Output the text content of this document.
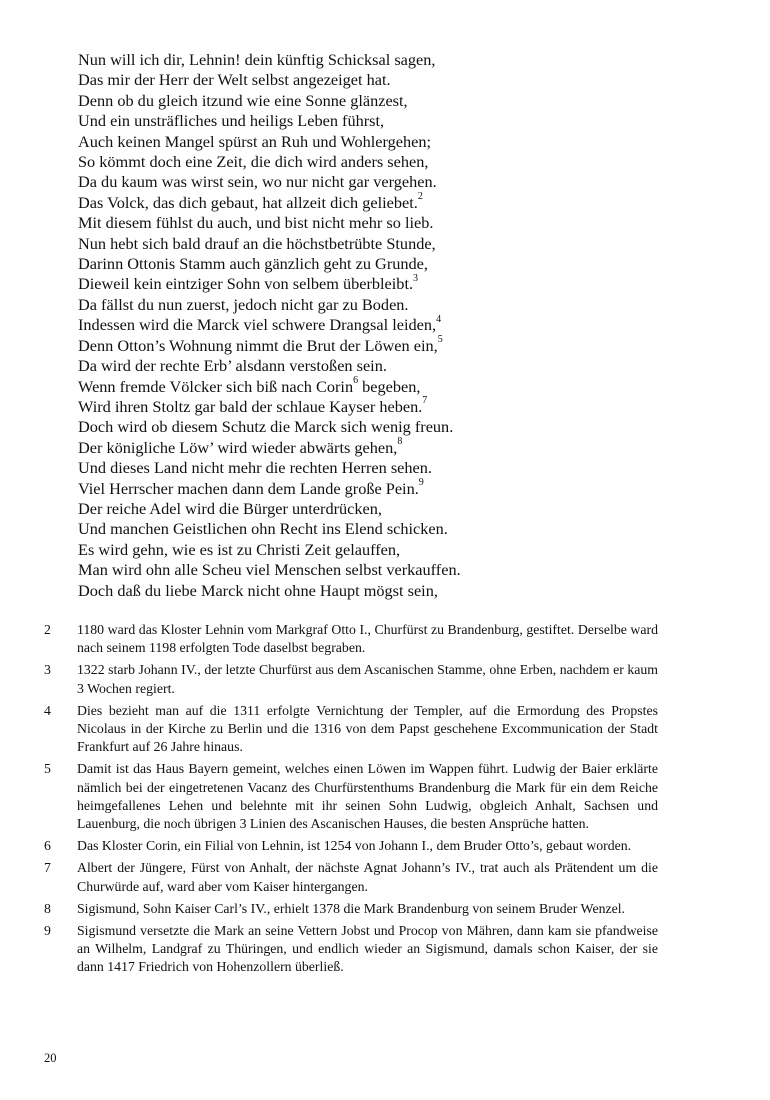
Nun will ich dir, Lehnin! dein künftig Schicksal sagen,
Das mir der Herr der Welt selbst angezeiget hat.
Denn ob du gleich itzund wie eine Sonne glänzest,
Und ein unsträfliches und heiligs Leben führst,
Auch keinen Mangel spürst an Ruh und Wohlergehen;
So kömmt doch eine Zeit, die dich wird anders sehen,
Da du kaum was wirst sein, wo nur nicht gar vergehen.
Das Volck, das dich gebaut, hat allzeit dich geliebet.$^2$
Mit diesem fühlst du auch, und bist nicht mehr so lieb.
Nun hebt sich bald drauf an die höchstbetrübte Stunde,
Darinn Ottonis Stamm auch gänzlich geht zu Grunde,
Dieweil kein eintziger Sohn von selbem überbleibt.$^3$
Da fällst du nun zuerst, jedoch nicht gar zu Boden.
Indessen wird die Marck viel schwere Drangsal leiden,$^4$
Denn Otton’s Wohnung nimmt die Brut der Löwen ein,$^5$
Da wird der rechte Erb’ alsdann verstoßen sein.
Wenn fremde Völcker sich biß nach Corin$^6$ begeben,
Wird ihren Stoltz gar bald der schlaue Kayser heben.$^7$
Doch wird ob diesem Schutz die Marck sich wenig freun.
Der königliche Löw’ wird wieder abwärts gehen,$^8$
Und dieses Land nicht mehr die rechten Herren sehen.
Viel Herrscher machen dann dem Lande große Pein.$^9$
Der reiche Adel wird die Bürger unterdrücken,
Und manchen Geistlichen ohn Recht ins Elend schicken.
Es wird gehn, wie es ist zu Christi Zeit gelauffen,
Man wird ohn alle Scheu viel Menschen selbst verkauffen.
Doch daß du liebe Marck nicht ohne Haupt mögst sein,
2	1180 ward das Kloster Lehnin vom Markgraf Otto I., Churfürst zu Brandenburg, gestiftet. Derselbe ward nach seinem 1198 erfolgten Tode daselbst begraben.
3	1322 starb Johann IV., der letzte Churfürst aus dem Ascanischen Stamme, ohne Erben, nachdem er kaum 3 Wochen regiert.
4	Dies bezieht man auf die 1311 erfolgte Vernichtung der Templer, auf die Ermordung des Propstes Nicolaus in der Kirche zu Berlin und die 1316 von dem Papst geschehene Excommunication der Stadt Frankfurt auf 26 Jahre hinaus.
5	Damit ist das Haus Bayern gemeint, welches einen Löwen im Wappen führt. Ludwig der Baier erklärte nämlich bei der eingetretenen Vacanz des Churfürstenthums Brandenburg die Mark für ein dem Reiche heimgefallenes Lehen und belehnte mit ihr seinen Sohn Ludwig, obgleich Anhalt, Sachsen und Lauenburg, die noch übrigen 3 Linien des Ascanischen Hauses, die besten Ansprüche hatten.
6	Das Kloster Corin, ein Filial von Lehnin, ist 1254 von Johann I., dem Bruder Otto’s, gebaut worden.
7	Albert der Jüngere, Fürst von Anhalt, der nächste Agnat Johann’s IV., trat auch als Prätendent um die Churwürde auf, ward aber vom Kaiser hintergangen.
8	Sigismund, Sohn Kaiser Carl’s IV., erhielt 1378 die Mark Brandenburg von seinem Bruder Wenzel.
9	Sigismund versetzte die Mark an seine Vettern Jobst und Procop von Mähren, dann kam sie pfandweise an Wilhelm, Landgraf zu Thüringen, und endlich wieder an Sigismund, damals schon Kaiser, der sie dann 1417 Friedrich von Hohenzollern überließ.
20
